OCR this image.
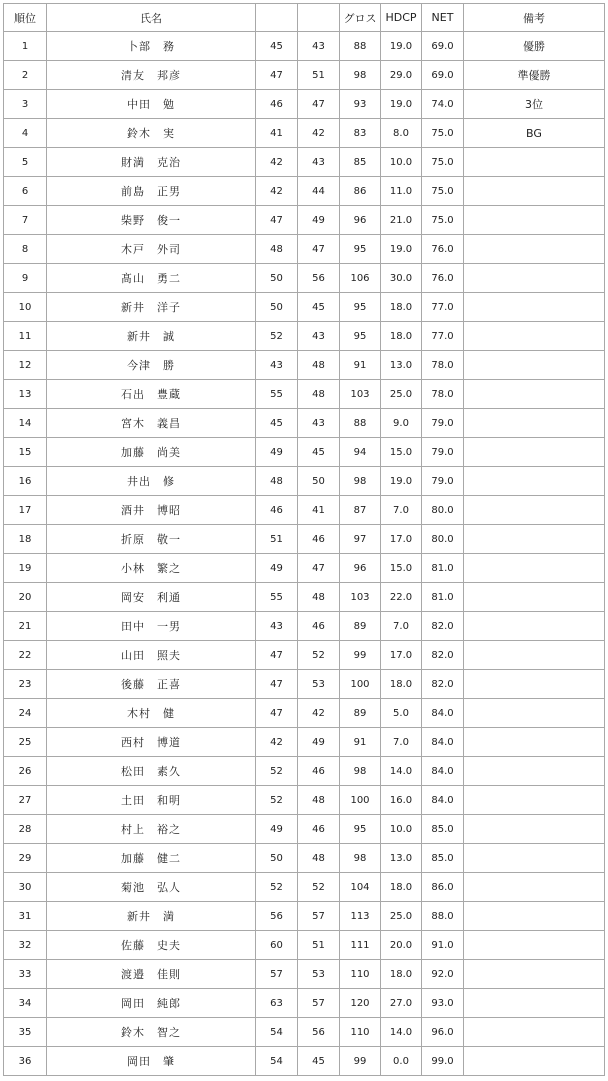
順位	氏名			グロス	HDCP	NET	備考
1	卜部　務	45	43	88	19.0	69.0	優勝
2	清友　邦彦	47	51	98	29.0	69.0	準優勝
3	中田　勉	46	47	93	19.0	74.0	3位
4	鈴木　実	41	42	83	8.0	75.0	BG
5	財満　克治	42	43	85	10.0	75.0	
6	前島　正男	42	44	86	11.0	75.0	
7	柴野　俊一	47	49	96	21.0	75.0	
8	木戸　外司	48	47	95	19.0	76.0	
9	髙山　勇二	50	56	106	30.0	76.0	
10	新井　洋子	50	45	95	18.0	77.0	
11	新井　誠	52	43	95	18.0	77.0	
12	今津　勝	43	48	91	13.0	78.0	
13	石出　豊蔵	55	48	103	25.0	78.0	
14	宮木　義昌	45	43	88	9.0	79.0	
15	加藤　尚美	49	45	94	15.0	79.0	
16	井出　修	48	50	98	19.0	79.0	
17	酒井　博昭	46	41	87	7.0	80.0	
18	折原　敬一	51	46	97	17.0	80.0	
19	小林　繁之	49	47	96	15.0	81.0	
20	岡安　利通	55	48	103	22.0	81.0	
21	田中　一男	43	46	89	7.0	82.0	
22	山田　照夫	47	52	99	17.0	82.0	
23	後藤　正喜	47	53	100	18.0	82.0	
24	木村　健	47	42	89	5.0	84.0	
25	西村　博道	42	49	91	7.0	84.0	
26	松田　素久	52	46	98	14.0	84.0	
27	土田　和明	52	48	100	16.0	84.0	
28	村上　裕之	49	46	95	10.0	85.0	
29	加藤　健二	50	48	98	13.0	85.0	
30	菊池　弘人	52	52	104	18.0	86.0	
31	新井　満	56	57	113	25.0	88.0	
32	佐藤　史夫	60	51	111	20.0	91.0	
33	渡邉　佳則	57	53	110	18.0	92.0	
34	岡田　純郎	63	57	120	27.0	93.0	
35	鈴木　智之	54	56	110	14.0	96.0	
36	岡田　肇	54	45	99	0.0	99.0	
